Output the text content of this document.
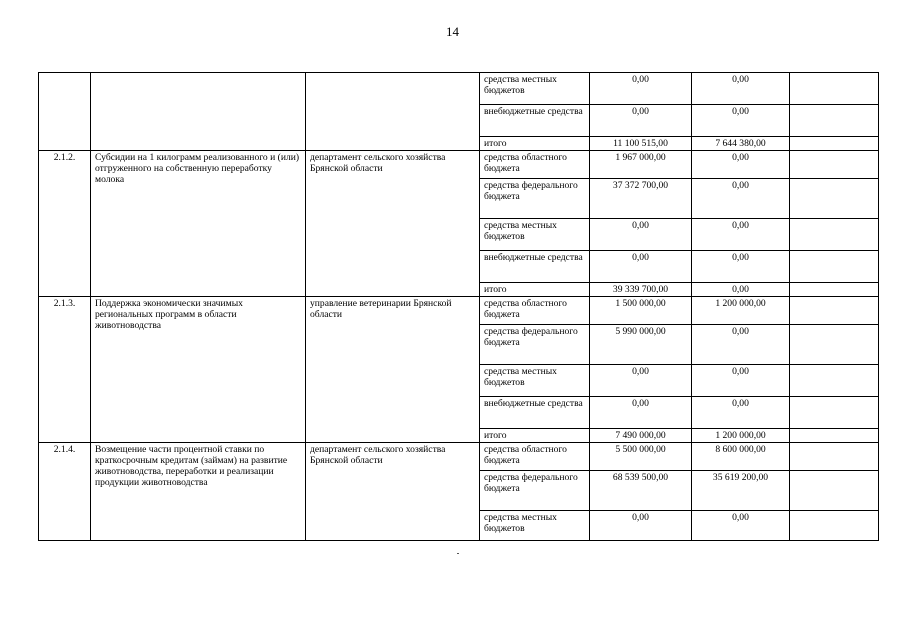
14
			средства местных бюджетов	0,00	0,00	
			внебюджетные средства	0,00	0,00	
			итого	11 100 515,00	7 644 380,00	
2.1.2.	Субсидии на 1 килограмм реализованного и (или) отгруженного на собственную переработку молока	департамент сельского хозяйства Брянской области	средства областного бюджета	1 967 000,00	0,00	
			средства федерального бюджета	37 372 700,00	0,00	
			средства местных бюджетов	0,00	0,00	
			внебюджетные средства	0,00	0,00	
			итого	39 339 700,00	0,00	
2.1.3.	Поддержка экономически значимых региональных программ в области животноводства	управление ветеринарии Брянской области	средства областного бюджета	1 500 000,00	1 200 000,00	
			средства федерального бюджета	5 990 000,00	0,00	
			средства местных бюджетов	0,00	0,00	
			внебюджетные средства	0,00	0,00	
			итого	7 490 000,00	1 200 000,00	
2.1.4.	Возмещение части процентной ставки по краткосрочным кредитам (займам) на развитие животноводства, переработки и реализации продукции животноводства	департамент сельского хозяйства Брянской области	средства областного бюджета	5 500 000,00	8 600 000,00	
			средства федерального бюджета	68 539 500,00	35 619 200,00	
			средства местных бюджетов	0,00	0,00	
